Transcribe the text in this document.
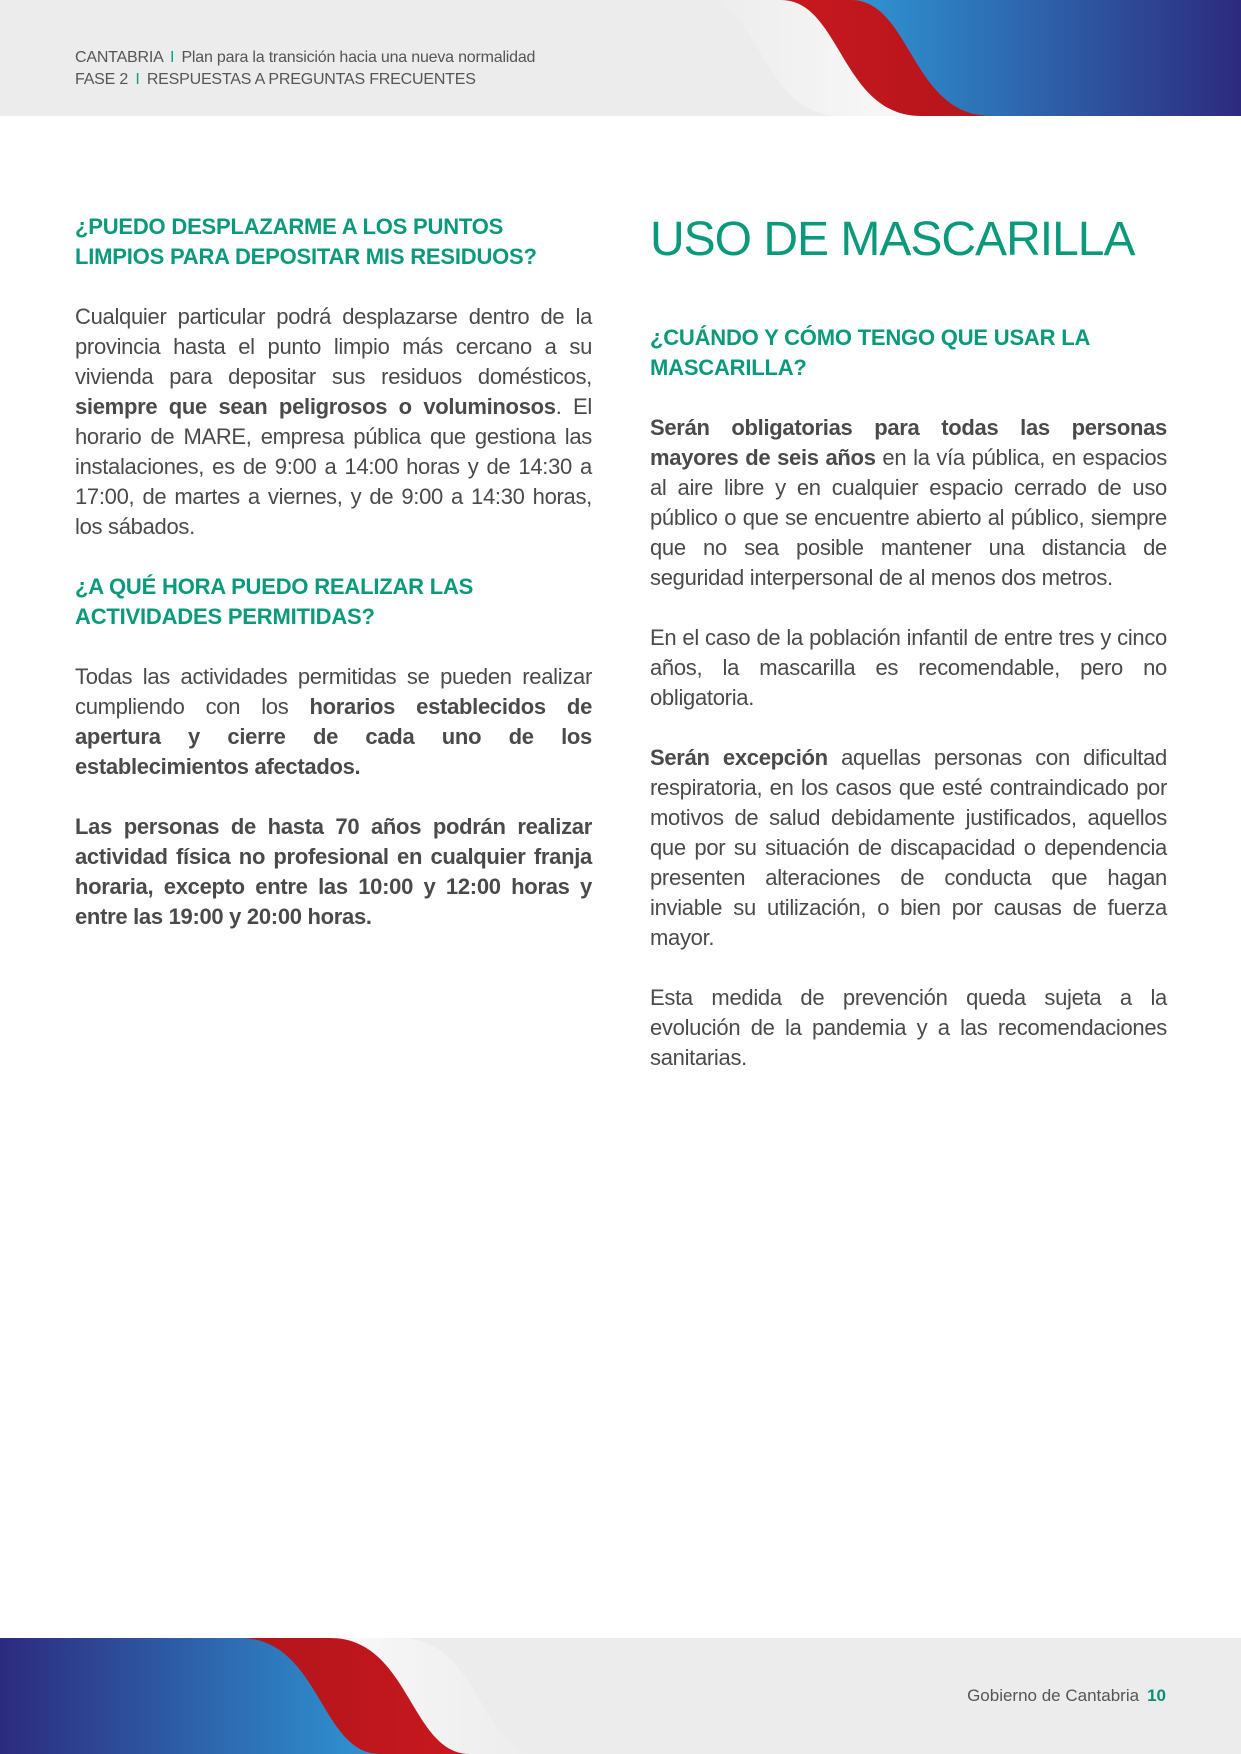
CANTABRIA I Plan para la transición hacia una nueva normalidad
FASE 2 I RESPUESTAS A PREGUNTAS FRECUENTES
¿PUEDO DESPLAZARME A LOS PUNTOS LIMPIOS PARA DEPOSITAR MIS RESIDUOS?
Cualquier particular podrá desplazarse dentro de la provincia hasta el punto limpio más cercano a su vivienda para depositar sus residuos domésticos, siempre que sean peligrosos o voluminosos. El horario de MARE, empresa pública que gestiona las instalaciones, es de 9:00 a 14:00 horas y de 14:30 a 17:00, de martes a viernes, y de 9:00 a 14:30 horas, los sábados.
¿A QUÉ HORA PUEDO REALIZAR LAS ACTIVIDADES PERMITIDAS?
Todas las actividades permitidas se pueden realizar cumpliendo con los horarios establecidos de apertura y cierre de cada uno de los establecimientos afectados.
Las personas de hasta 70 años podrán realizar actividad física no profesional en cualquier franja horaria, excepto entre las 10:00 y 12:00 horas y entre las 19:00 y 20:00 horas.
USO DE MASCARILLA
¿CUÁNDO Y CÓMO TENGO QUE USAR LA MASCARILLA?
Serán obligatorias para todas las personas mayores de seis años en la vía pública, en espacios al aire libre y en cualquier espacio cerrado de uso público o que se encuentre abierto al público, siempre que no sea posible mantener una distancia de seguridad interpersonal de al menos dos metros.
En el caso de la población infantil de entre tres y cinco años, la mascarilla es recomendable, pero no obligatoria.
Serán excepción aquellas personas con dificultad respiratoria, en los casos que esté contraindicado por motivos de salud debidamente justificados, aquellos que por su situación de discapacidad o dependencia presenten alteraciones de conducta que hagan inviable su utilización, o bien por causas de fuerza mayor.
Esta medida de prevención queda sujeta a la evolución de la pandemia y a las recomendaciones sanitarias.
Gobierno de Cantabria 10
